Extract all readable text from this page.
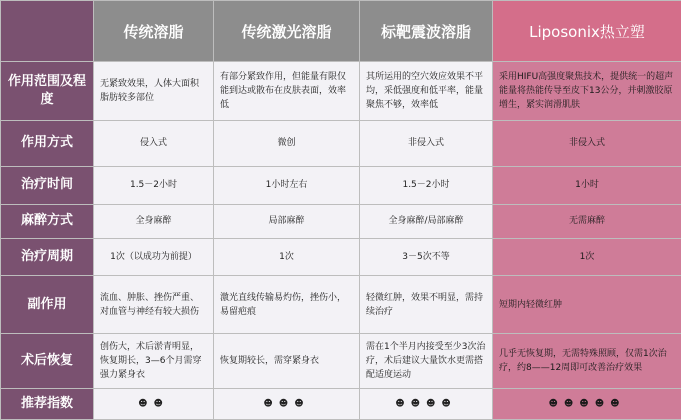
	传统溶脂	传统激光溶脂	标靶震波溶脂	Liposonix热立塑
作用范围及程度	无紧致效果，人体大面积脂肪较多部位	有部分紧致作用，但能量有限仅能到达或散布在皮肤表面，效率低	其所运用的空穴效应效果不平均，采低强度和低平率，能量聚焦不够，效率低	采用HIFU高强度聚焦技术，提供统一的超声能量将热能传导至皮下13公分，并刺激胶原增生，紧实润滑肌肤
作用方式	侵入式	微创	非侵入式	非侵入式
治疗时间	1.5－2小时	1小时左右	1.5－2小时	1小时
麻醉方式	全身麻醉	局部麻醉	全身麻醉/局部麻醉	无需麻醉
治疗周期	1次（以成功为前提）	1次	3－5次不等	1次
副作用	流血、肿胀、挫伤严重、对血管与神经有较大损伤	激光直线传输易灼伤，挫伤小，易留疤痕	轻微红肿，效果不明显，需持续治疗	短期内轻微红肿
术后恢复	创伤大，术后淤青明显，恢复期长，3—6个月需穿强力紧身衣	恢复期较长，需穿紧身衣	需在1个半月内接受至少3次治疗，术后建议大量饮水更需搭配适度运动	几乎无恢复期，无需特殊照顾，仅需1次治疗，约8——12周即可改善治疗效果
推荐指数	☻☻	☻☻☻	☻☻☻☻	☻☻☻☻☻
